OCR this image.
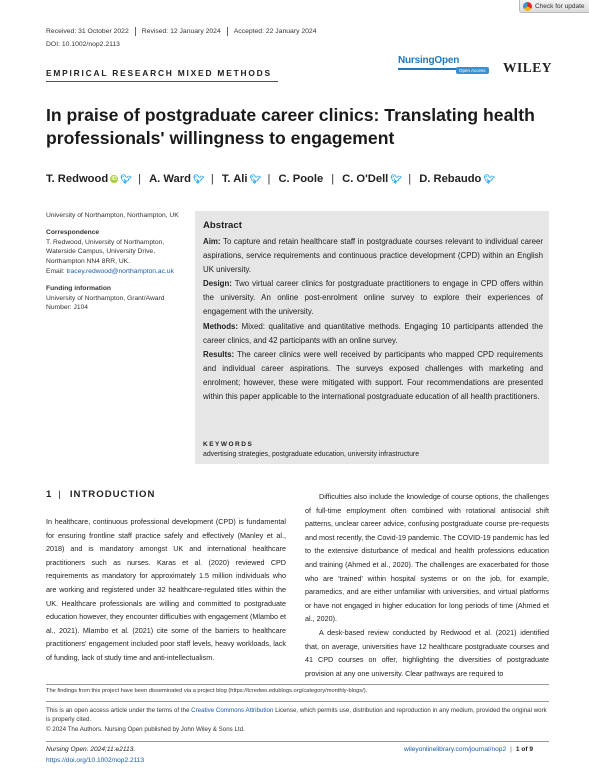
Check for update
Received: 31 October 2022 Revised: 12 January 2024 Accepted: 22 January 2024
DOI: 10.1002/nop2.2113
EMPIRICAL RESEARCH MIXED METHODS
NursingOpen
Open Access WILEY
In praise of postgraduate career clinics: Translating health professionals' willingness to engagement
T. Redwood iD 🐦︎ | A. Ward 🐦︎ | T. Ali 🐦︎ | C. Poole | C. O'Dell 🐦︎ | D. Rebaudo 🐦︎
University of Northampton, Northampton, UK
Correspondence
T. Redwood, University of Northampton, Waterside Campus, University Drive, Northampton NN4 8RR, UK.
Email: tracey.redwood@northampton.ac.uk
Funding information
University of Northampton, Grant/Award Number: J104
Abstract

Aim: To capture and retain healthcare staff in postgraduate courses relevant to individual career aspirations, service requirements and continuous practice development (CPD) within an English UK university.

Design: Two virtual career clinics for postgraduate practitioners to engage in CPD offers within the university. An online post-enrolment online survey to explore their experiences of engagement with the university.

Methods: Mixed: qualitative and quantitative methods. Engaging 10 participants attended the career clinics, and 42 participants with an online survey.

Results: The career clinics were well received by participants who mapped CPD requirements and individual career aspirations. The surveys exposed challenges with marketing and enrolment; however, these were mitigated with support. Four recommendations are presented within this paper applicable to the international postgraduate education of all health practitioners.

KEYWORDS
advertising strategies, postgraduate education, university infrastructure
1 | INTRODUCTION

In healthcare, continuous professional development (CPD) is fundamental for ensuring frontline staff practice safely and effectively (Manley et al., 2018) and is mandatory amongst UK and international healthcare practitioners such as nurses. Karas et al. (2020) reviewed CPD requirements as mandatory for approximately 1.5 million individuals who are working and registered under 32 healthcare-regulated titles within the UK. Healthcare professionals are willing and committed to postgraduate education however, they encounter difficulties with engagement (Mlambo et al., 2021). Mlambo et al. (2021) cite some of the barriers to healthcare practitioners' engagement included poor staff levels, heavy workloads, lack of funding, lack of study time and anti-intellectualism.

Difficulties also include the knowledge of course options, the challenges of full-time employment often combined with rotational antisocial shift patterns, unclear career advice, confusing postgraduate course pre-requests and most recently, the Covid-19 pandemic. The COVID-19 pandemic has led to the extensive disturbance of medical and health professions education and training (Ahmed et al., 2020). The challenges are exacerbated for those who are 'trained' within hospital systems or on the job, for example, paramedics, and are either unfamiliar with universities, and virtual platforms or have not engaged in higher education for long periods of time (Ahmed et al., 2020).

A desk-based review conducted by Redwood et al. (2021) identified that, on average, universities have 12 healthcare postgraduate courses and 41 CPD courses on offer, highlighting the diversities of postgraduate provision at any one university. Clear pathways are required to

The findings from this project have been disseminated via a project blog (https://tcredwo.edublogs.org/category/monthly-blogs/).
This is an open access article under the terms of the Creative Commons Attribution License, which permits use, distribution and reproduction in any medium, provided the original work is properly cited.
© 2024 The Authors. Nursing Open published by John Wiley & Sons Ltd.
Nursing Open. 2024;11:e2113.
https://doi.org/10.1002/nop2.2113
wileyonlinelibrary.com/journal/nop2 | 1 of 9
